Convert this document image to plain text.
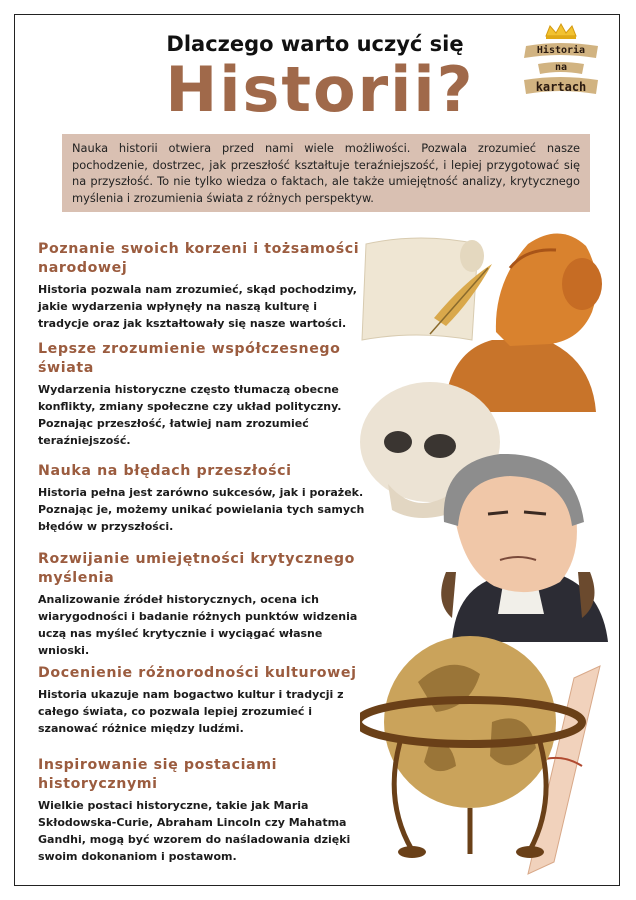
Dlaczego warto uczyć się
Historii?
Historia
na
kartach
Nauka historii otwiera przed nami wiele możliwości. Pozwala zrozumieć nasze pochodzenie, dostrzec, jak przeszłość kształtuje teraźniejszość, i lepiej przygotować się na przyszłość. To nie tylko wiedza o faktach, ale także umiejętność analizy, krytycznego myślenia i zrozumienia świata z różnych perspektyw.
Poznanie swoich korzeni i tożsamości narodowej

Historia pozwala nam zrozumieć, skąd pochodzimy, jakie wydarzenia wpłynęły na naszą kulturę i tradycje oraz jak kształtowały się nasze wartości.

Lepsze zrozumienie współczesnego świata

Wydarzenia historyczne często tłumaczą obecne konflikty, zmiany społeczne czy układ polityczny. Poznając przeszłość, łatwiej nam zrozumieć teraźniejszość.

Nauka na błędach przeszłości

Historia pełna jest zarówno sukcesów, jak i porażek. Poznając je, możemy unikać powielania tych samych błędów w przyszłości.

Rozwijanie umiejętności krytycznego myślenia

Analizowanie źródeł historycznych, ocena ich wiarygodności i badanie różnych punktów widzenia uczą nas myśleć krytycznie i wyciągać własne wnioski.

Docenienie różnorodności kulturowej

Historia ukazuje nam bogactwo kultur i tradycji z całego świata, co pozwala lepiej zrozumieć i szanować różnice między ludźmi.

Inspirowanie się postaciami historycznymi

Wielkie postaci historyczne, takie jak Maria Skłodowska-Curie, Abraham Lincoln czy Mahatma Gandhi, mogą być wzorem do naśladowania dzięki swoim dokonaniom i postawom.
